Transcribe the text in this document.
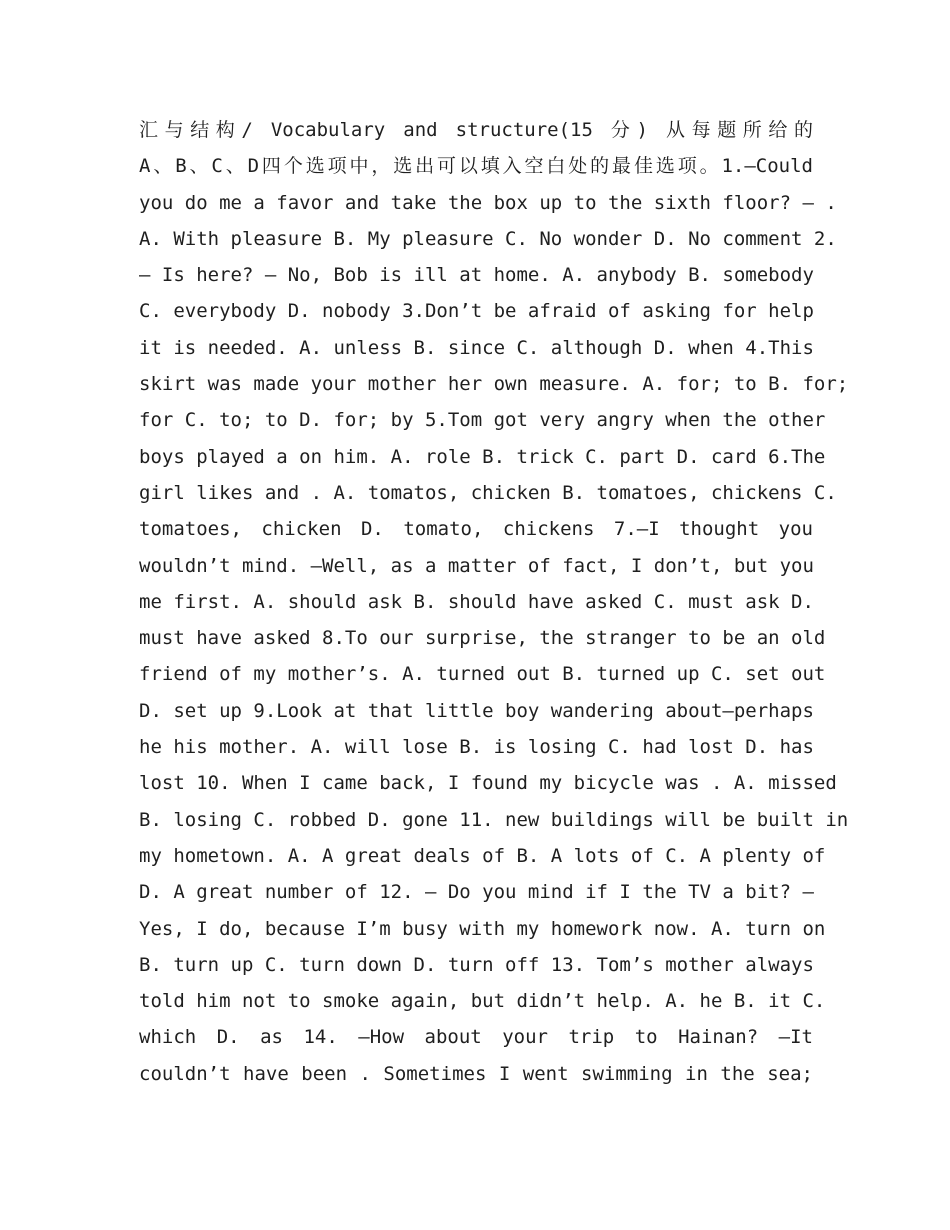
汇与结构/ Vocabulary and structure(15 分) 从每题所给的
A、B、C、D四个选项中，选出可以填入空白处的最佳选项。1.—Could
you do me a favor and take the box up to the sixth floor? — .
A. With pleasure B. My pleasure C. No wonder D. No comment 2.
— Is here? — No, Bob is ill at home. A. anybody B. somebody
C. everybody D. nobody 3.Don’t be afraid of asking for help
it is needed. A. unless B. since C. although D. when 4.This
skirt was made your mother her own measure. A. for; to B. for;
for C. to; to D. for; by 5.Tom got very angry when the other
boys played a on him. A. role B. trick C. part D. card 6.The
girl likes and . A. tomatos, chicken B. tomatoes, chickens C.
tomatoes, chicken D. tomato, chickens 7.—I thought you
wouldn’t mind. —Well, as a matter of fact, I don’t, but you
me first. A. should ask B. should have asked C. must ask D.
must have asked 8.To our surprise, the stranger to be an old
friend of my mother’s. A. turned out B. turned up C. set out
D. set up 9.Look at that little boy wandering about—perhaps
he his mother. A. will lose B. is losing C. had lost D. has
lost 10. When I came back, I found my bicycle was . A. missed
B. losing C. robbed D. gone 11. new buildings will be built in
my hometown. A. A great deals of B. A lots of C. A plenty of
D. A great number of 12. — Do you mind if I the TV a bit? —
Yes, I do, because I’m busy with my homework now. A. turn on
B. turn up C. turn down D. turn off 13. Tom’s mother always
told him not to smoke again, but didn’t help. A. he B. it C.
which D. as 14. —How about your trip to Hainan? —It
couldn’t have been . Sometimes I went swimming in the sea;
